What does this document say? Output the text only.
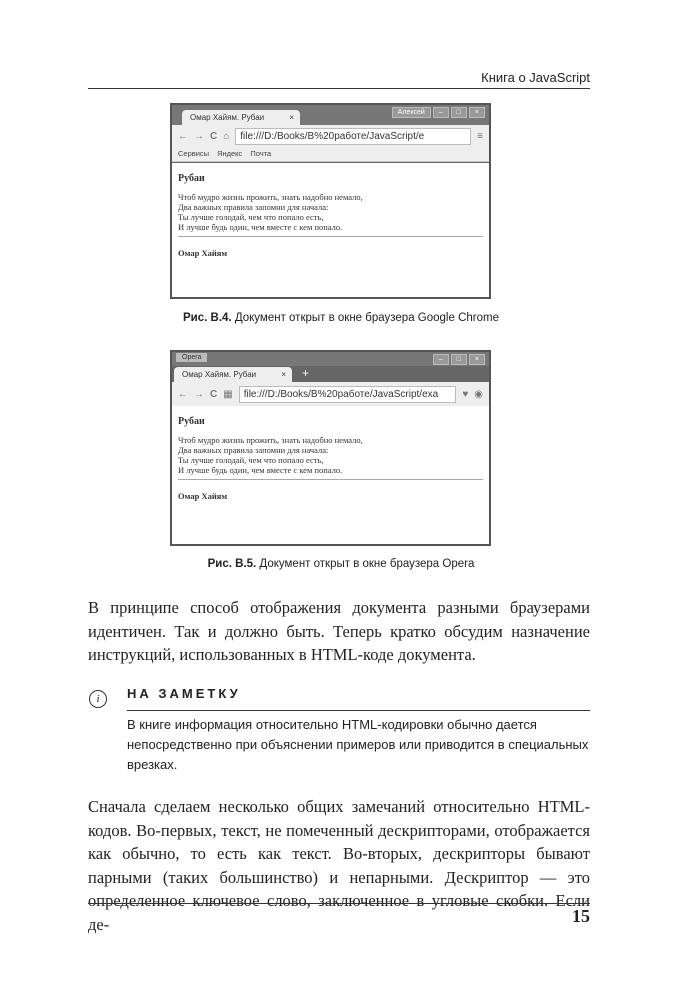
Книга о JavaScript
Омар Хайям. Рубаи	×
Алексей	–	□	×
← → C ⌂	file:///D:/Books/B%20работе/JavaScript/e	≡
Сервисы Яндекс Почта
Рубаи

Чтоб мудро жизнь прожить, знать надобно немало,

Два важных правила запомни для начала:

Ты лучше голодай, чем что попало есть,

И лучше будь один, чем вместе с кем попало.

Омар Хайям
Рис. В.4. Документ открыт в окне браузера Google Chrome
Opera	–	□	×
Омар Хайям. Рубаи	× +
← → C ▦	file:///D:/Books/B%20работе/JavaScript/exa	♥ ◉
Рубаи

Чтоб мудро жизнь прожить, знать надобно немало,

Два важных правила запомни для начала:

Ты лучше голодай, чем что попало есть,

И лучше будь один, чем вместе с кем попало.

Омар Хайям
Рис. В.5. Документ открыт в окне браузера Opera

В принципе способ отображения документа разными браузерами идентичен. Так и должно быть. Теперь кратко обсудим назначение инструкций, использованных в HTML-коде документа.

i	НА ЗАМЕТКУ

В книге информация относительно HTML-кодировки обычно дается непосредственно при объяснении примеров или приводится в специальных врезках.

Сначала сделаем несколько общих замечаний относительно HTML-кодов. Во-первых, текст, не помеченный дескрипторами, отображается как обычно, то есть как текст. Во-вторых, дескрипторы бывают парными (таких большинство) и непарными. Дескриптор — это определенное ключевое слово, заключенное в угловые скобки. Если де-	15
